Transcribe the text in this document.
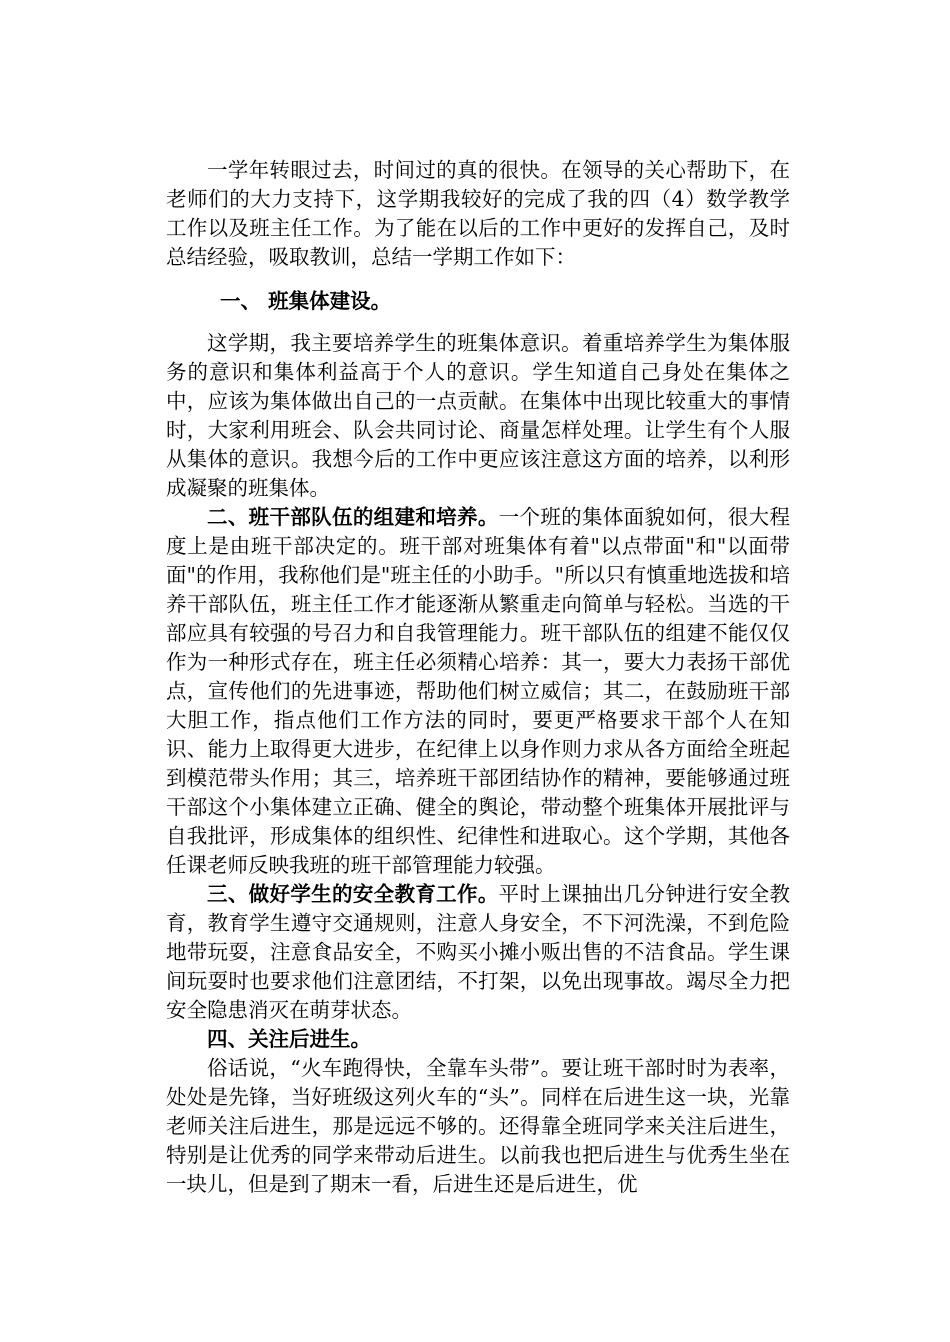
一学年转眼过去，时间过的真的很快。在领导的关心帮助下，在老师们的大力支持下，这学期我较好的完成了我的四（4）数学教学工作以及班主任工作。为了能在以后的工作中更好的发挥自己，及时总结经验，吸取教训，总结一学期工作如下：

一、 班集体建设。

这学期，我主要培养学生的班集体意识。着重培养学生为集体服务的意识和集体利益高于个人的意识。学生知道自己身处在集体之中，应该为集体做出自己的一点贡献。在集体中出现比较重大的事情时，大家利用班会、队会共同讨论、商量怎样处理。让学生有个人服从集体的意识。我想今后的工作中更应该注意这方面的培养，以利形成凝聚的班集体。

二、班干部队伍的组建和培养。一个班的集体面貌如何，很大程度上是由班干部决定的。班干部对班集体有着"以点带面"和"以面带面"的作用，我称他们是"班主任的小助手。"所以只有慎重地选拔和培养干部队伍，班主任工作才能逐渐从繁重走向简单与轻松。当选的干部应具有较强的号召力和自我管理能力。班干部队伍的组建不能仅仅作为一种形式存在，班主任必须精心培养：其一，要大力表扬干部优点，宣传他们的先进事迹，帮助他们树立威信；其二，在鼓励班干部大胆工作，指点他们工作方法的同时，要更严格要求干部个人在知识、能力上取得更大进步，在纪律上以身作则力求从各方面给全班起到模范带头作用；其三，培养班干部团结协作的精神，要能够通过班干部这个小集体建立正确、健全的舆论，带动整个班集体开展批评与自我批评，形成集体的组织性、纪律性和进取心。这个学期，其他各任课老师反映我班的班干部管理能力较强。

三、做好学生的安全教育工作。平时上课抽出几分钟进行安全教育，教育学生遵守交通规则，注意人身安全，不下河洗澡，不到危险地带玩耍，注意食品安全，不购买小摊小贩出售的不洁食品。学生课间玩耍时也要求他们注意团结，不打架，以免出现事故。竭尽全力把安全隐患消灭在萌芽状态。

四、关注后进生。

俗话说，“火车跑得快，全靠车头带”。要让班干部时时为表率，处处是先锋，当好班级这列火车的“头”。同样在后进生这一块，光靠老师关注后进生，那是远远不够的。还得靠全班同学来关注后进生，特别是让优秀的同学来带动后进生。以前我也把后进生与优秀生坐在一块儿，但是到了期末一看，后进生还是后进生，优
